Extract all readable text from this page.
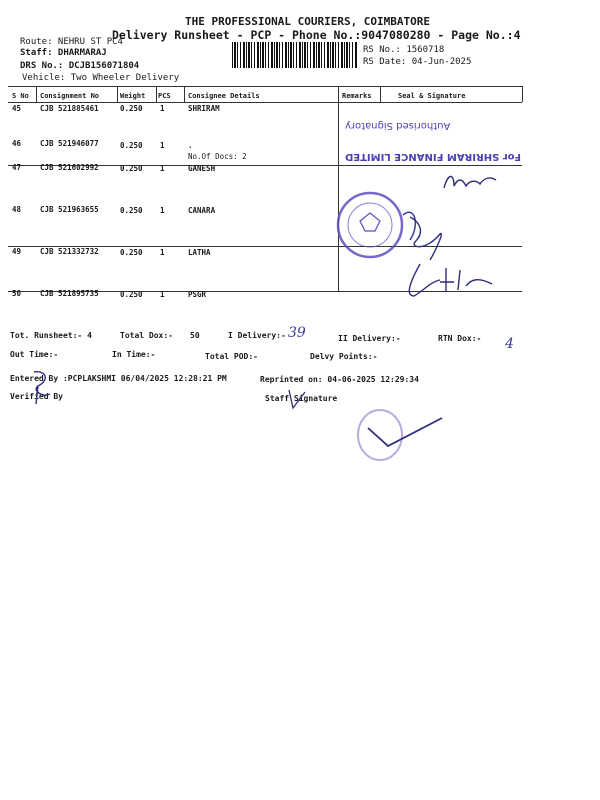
THE PROFESSIONAL COURIERS, COIMBATORE
Delivery Runsheet - PCP - Phone No.:9047080280 - Page No.:4
Route: NEHRU ST PC4
Staff: DHARMARAJ
DRS No.: DCJB156071804
Vehicle: Two Wheeler Delivery
RS No.: 1560718
RS Date: 04-Jun-2025
S No Consignment No	Weight PCS Consignee Details	Remarks	Seal & Signature
45	CJB 521885461	0.250 1	SHRIRAM
46	CJB 521946077	0.250 1	.
No.Of Docs: 2
47	CJB 521602992	0.250 1	GANESH
48	CJB 521963655	0.250 1	CANARA
49	CJB 521332732	0.250 1	LATHA
50	CJB 521895735	0.250 1	PSGR
Authorised Signatory
For SHRIRAM FINANCE LIMITED
Tot. Runsheet:- 4	Total Dox:- 50	I Delivery:- 39	II Delivery:-	RTN Dox:- 4
Out Time:-	In Time:-	Total POD:-	Delvy Points:-
Entered By :PCPLAKSHMI 06/04/2025 12:28:21 PM	Reprinted on: 04-06-2025 12:29:34
Verified By	Staff Signature
